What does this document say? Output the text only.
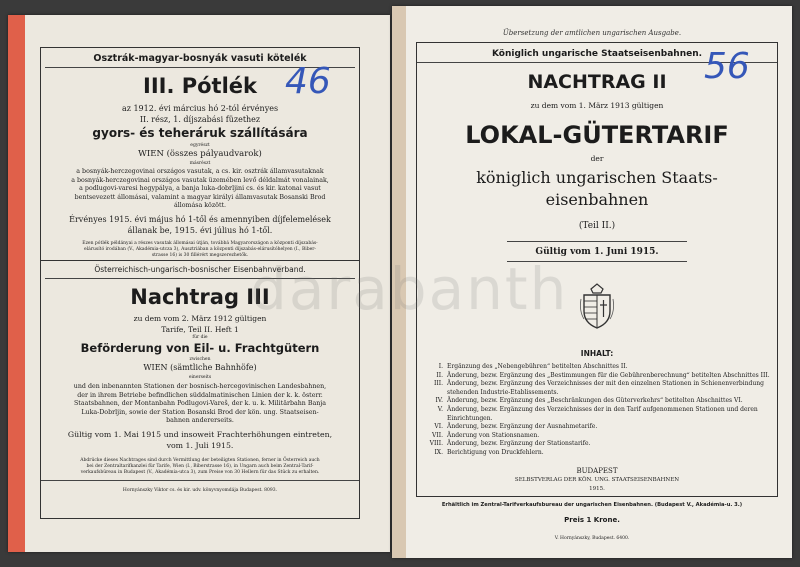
Osztrák-magyar-bosnyák vasuti kötelék
III. Pótlék
az 1912. évi március hó 2-tól érvényes
II. rész, 1. díjszabási füzethez
gyors- és teheráruk szállítására
egyrészt
WIEN (összes pályaudvarok)
másrészt
a bosnyák-herczegovinai országos vasutak, a cs. kir. osztrák államvasutaknak
a bosnyák-herczegovinai országos vasutak üzemében levő déldalmát vonalainak,
a podlugovi-varesi hegypálya, a banja luka-dobrljini cs. és kir. katonai vasut
bentsevezett állomásai, valamint a magyar királyi államvasutak Bosanski Brod
állomása között.
Érvényes 1915. évi május hó 1-től és amennyiben díjfelemelések
állanak be, 1915. évi július hó 1-től.
Ezen pótlék példányai a részes vasutak állomásai útján, továbbá Magyarországon a központi díjszabás-
elárusító irodában (V., Akadémia-utcza 3), Ausztriában a központi díjszabás-elárusítóhelyen (I., Biber-
strasse 16) is 30 fillérért megszerezhetők.
Österreichisch-ungarisch-bosnischer Eisenbahnverband.
Nachtrag III
zu dem vom 2. März 1912 gültigen
Tarife, Teil II. Heft 1
für die
Beförderung von Eil- u. Frachtgütern
zwischen
WIEN (sämtliche Bahnhöfe)
einerseits
und den inbenannten Stationen der bosnisch-hercegovinischen Landesbahnen,
der in ihrem Betriebe befindlichen süddalmatinischen Linien der k. k. österr.
Staatsbahnen, der Montanbahn Podlugovi-Vareš, der k. u. k. Militärbahn Banja
Luka-Dobrljin, sowie der Station Bosanski Brod der kön. ung. Staatseisen-
bahnen andererseits.
Gültig vom 1. Mai 1915 und insoweit Frachterhöhungen eintreten,
vom 1. Juli 1915.
Abdrücke dieses Nachtrages sind durch Vermittlung der beteiligten Stationen, ferner in Österreich auch
bei der Zentraltarifkanzlei für Tarife, Wien (I., Biberstrasse 16), in Ungarn auch beim Zentral-Tarif-
verkaufsbüreau in Budapest (V., Akadémia-utca 3), zum Preise von 30 Hellern für das Stück zu erhalten.
Hornyánszky Viktor cs. és kir. udv. könyvnyomdája Budapest. 8093.
46
Übersetzung der amtlichen ungarischen Ausgabe.
Königlich ungarische Staatseisenbahnen.
NACHTRAG II
zu dem vom 1. März 1913 gültigen
LOKAL-GÜTERTARIF
der
königlich ungarischen Staats-
eisenbahnen
(Teil II.)
Gültig vom 1. Juni 1915.
INHALT:
I. Ergänzung des „Nebengebühren“ betitelten Abschnittes II.
II. Änderung, bezw. Ergänzung des „Bestimmungen für die Gebührenberechnung“ betitelten Abschnittes III.
III. Änderung, bezw. Ergänzung des Verzeichnisses der mit den einzelnen Stationen in Schienenverbindung
stehenden Industrie-Etablissements.
IV. Änderung, bezw. Ergänzung des „Beschränkungen des Güterverkehrs“ betitelten Abschnittes VI.
V. Änderung, bezw. Ergänzung des Verzeichnisses der in den Tarif aufgenommenen Stationen und deren
Einrichtungen.
VI. Änderung, bezw. Ergänzung der Ausnahmetarife.
VII. Änderung von Stationsnamen.
VIII. Änderung, bezw. Ergänzung der Stationstarife.
IX. Berichtigung von Druckfehlern.
BUDAPEST
SELBSTVERLAG DER KÖN. UNG. STAATSEISENBAHNEN
1915.
Erhältlich im Zentral-Tarifverkaufsbureau der ungarischen Eisenbahnen. (Budapest V., Akadémia-u. 3.)
Preis 1 Krone.
V. Hornyánszky, Budapest. 6400.
56
darabanth
